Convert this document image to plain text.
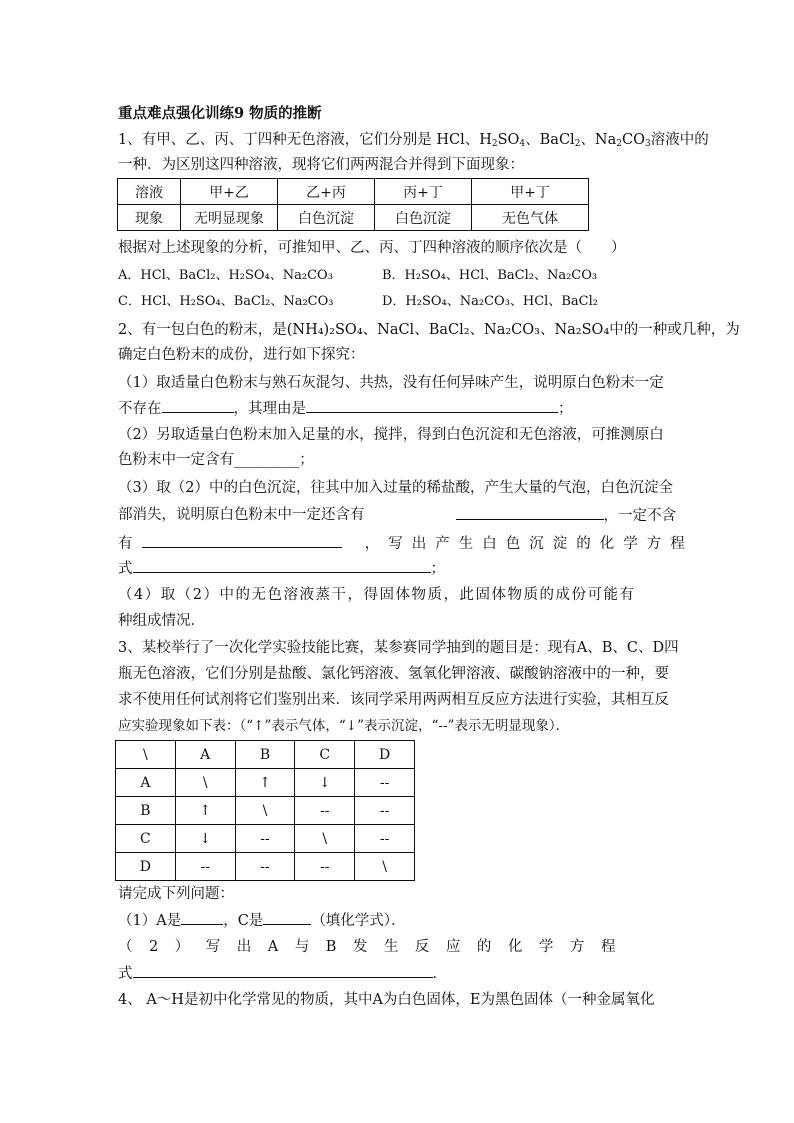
重点难点强化训练9 物质的推断
1、有甲、乙、丙、丁四种无色溶液，它们分别是 HCl、$H_2SO_4$、BaCl$_2$、$Na_2CO_3$溶液中的
一种．为区别这四种溶液，现将它们两两混合并得到下面现象：
溶液	甲+乙	乙+丙	丙+丁	甲+丁
现象	无明显现象	白色沉淀	白色沉淀	无色气体
根据对上述现象的分析，可推知甲、乙、丙、丁四种溶液的顺序依次是（　　）
A．HCl、BaCl₂、H₂SO₄、Na₂CO₃	B．H₂SO₄、HCl、BaCl₂、Na₂CO₃
C．HCl、H₂SO₄、BaCl₂、Na₂CO₃	D．H₂SO₄、Na₂CO₃、HCl、BaCl₂
2、有一包白色的粉末，是(NH₄)₂SO₄、NaCl、BaCl₂、Na₂CO₃、Na₂SO₄中的一种或几种，为
确定白色粉末的成份，进行如下探究：
（1）取适量白色粉末与熟石灰混匀、共热，没有任何异味产生，说明原白色粉末一定
不存在	，其理由是	；
（2）另取适量白色粉末加入足量的水，搅拌，得到白色沉淀和无色溶液，可推测原白
色粉末中一定含有_________；
（3）取（2）中的白色沉淀，往其中加入过量的稀盐酸，产生大量的气泡，白色沉淀全
部消失，说明原白色粉末中一定还含有	，一定不含
有	，写出产生白色沉淀的化学方程
式	；
（4）取（2）中的无色溶液蒸干，得固体物质，此固体物质的成份可能有
种组成情况．
3、某校举行了一次化学实验技能比赛，某参赛同学抽到的题目是：现有A、B、C、D四
瓶无色溶液，它们分别是盐酸、氯化钙溶液、氢氧化钾溶液、碳酸钠溶液中的一种，要
求不使用任何试剂将它们鉴别出来．该同学采用两两相互反应方法进行实验，其相互反
应实验现象如下表：（“↑”表示气体，“↓”表示沉淀，“--”表示无明显现象）．
\	A	B	C	D
A	\	↑	↓	--
B	↑	\	--	--
C	↓	--	\	--
D	--	--	--	\
请完成下列问题：
（1）A是	，C是	（填化学式）．
（2）写出A与B发生反应的化学方程
式	．
4、 A～H是初中化学常见的物质，其中A为白色固体，E为黑色固体（一种金属氧化
